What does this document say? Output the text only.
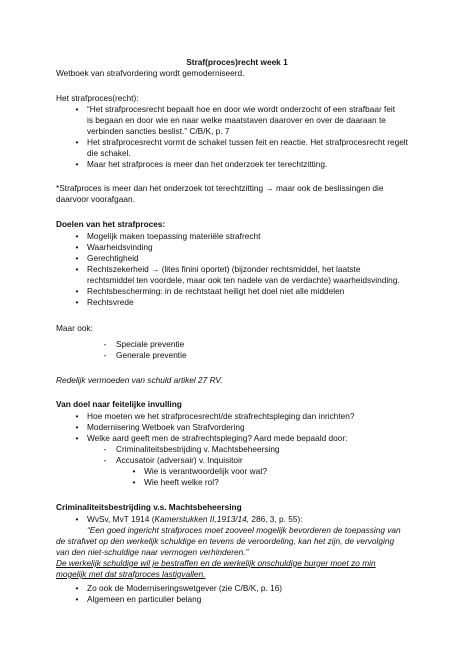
Straf(proces)recht week 1
Wetboek van strafvordering wordt gemoderniseerd.
Het strafproces(recht):
•	“Het strafprocesrecht bepaalt hoe en door wie wordt onderzocht of een strafbaar feit
is begaan en door wie en naar welke maatstaven daarover en over de daaraan te
verbinden sancties beslist.” C/B/K, p. 7
•	Het strafprocesrecht vormt de schakel tussen feit en reactie. Het strafprocesrecht regelt
die schakel.
•	Maar het strafproces is meer dan het onderzoek ter terechtzitting.
*Strafproces is meer dan het onderzoek tot terechtzitting → maar ook de beslissingen die
daarvoor voorafgaan.
Doelen van het strafproces:
•	Mogelijk maken toepassing materiële strafrecht
•	Waarheidsvinding
•	Gerechtigheid
•	Rechtszekerheid → (lites finini oportet) (bijzonder rechtsmiddel, het laatste
rechtsmiddel ten voordele, maar ook ten nadele van de verdachte) waarheidsvinding.
•	Rechtsbescherming: in de rechtstaat heiligt het doel niet alle middelen
•	Rechtsvrede
Maar ook:
-	Speciale preventie
-	Generale preventie
Redelijk vermoeden van schuld artikel 27 RV.
Van doel naar feitelijke invulling
•	Hoe moeten we het strafprocesrecht/de strafrechtspleging dan inrichten?
•	Modernisering Wetboek van Strafvordering
•	Welke aard geeft men de strafrechtspleging? Aard mede bepaald door:
-	Criminaliteitsbestrijding v. Machtsbeheersing
-	Accusatoir (adversair) v. Inquisitoir
•	Wie is verantwoordelijk voor wat?
•	Wie heeft welke rol?
Criminaliteitsbestrijding v.s. Machtsbeheersing
•	WvSv, MvT 1914 (Kamerstukken II,1913/14, 286, 3, p. 55):
“Een goed ingericht strafproces moet zooveel mogelijk bevorderen de toepassing van
de strafwet op den werkelijk schuldige en tevens de veroordeling, kan het zijn, de vervolging
van den niet-schuldige naar vermogen verhinderen.”
De werkelijk schuldige wil je bestraffen en de werkelijk onschuldige burger moet zo min
mogelijk met dat strafproces lastigvallen.
•	Zo ook de Moderniseringswetgever (zie C/B/K, p. 16)
•	Algemeen en particulier belang
